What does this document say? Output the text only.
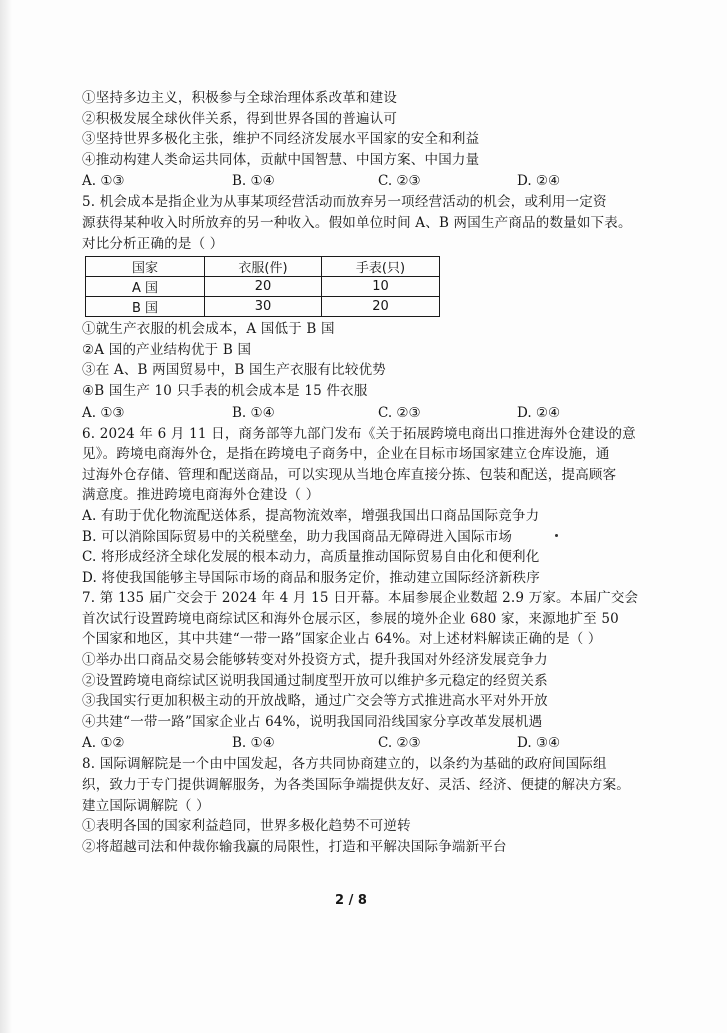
①坚持多边主义，积极参与全球治理体系改革和建设
②积极发展全球伙伴关系，得到世界各国的普遍认可
③坚持世界多极化主张，维护不同经济发展水平国家的安全和利益
④推动构建人类命运共同体，贡献中国智慧、中国方案、中国力量
A. ①③	B. ①④	C. ②③	D. ②④
5. 机会成本是指企业为从事某项经营活动而放弃另一项经营活动的机会，或利用一定资
源获得某种收入时所放弃的另一种收入。假如单位时间 A、B 两国生产商品的数量如下表。
对比分析正确的是（ ）
国家	衣服(件)	手表(只)
A 国	20	10
B 国	30	20
①就生产衣服的机会成本，A 国低于 B 国
②A 国的产业结构优于 B 国
③在 A、B 两国贸易中，B 国生产衣服有比较优势
④B 国生产 10 只手表的机会成本是 15 件衣服
A. ①③	B. ①④	C. ②③	D. ②④
6. 2024 年 6 月 11 日，商务部等九部门发布《关于拓展跨境电商出口推进海外仓建设的意
见》。跨境电商海外仓，是指在跨境电子商务中，企业在目标市场国家建立仓库设施，通
过海外仓存储、管理和配送商品，可以实现从当地仓库直接分拣、包装和配送，提高顾客
满意度。推进跨境电商海外仓建设（ ）
A. 有助于优化物流配送体系，提高物流效率，增强我国出口商品国际竞争力
B. 可以消除国际贸易中的关税壁垒，助力我国商品无障碍进入国际市场
C. 将形成经济全球化发展的根本动力，高质量推动国际贸易自由化和便利化
D. 将使我国能够主导国际市场的商品和服务定价，推动建立国际经济新秩序
7. 第 135 届广交会于 2024 年 4 月 15 日开幕。本届参展企业数超 2.9 万家。本届广交会
首次试行设置跨境电商综试区和海外仓展示区，参展的境外企业 680 家，来源地扩至 50
个国家和地区，其中共建“一带一路”国家企业占 64%。对上述材料解读正确的是（ ）
①举办出口商品交易会能够转变对外投资方式，提升我国对外经济发展竞争力
②设置跨境电商综试区说明我国通过制度型开放可以维护多元稳定的经贸关系
③我国实行更加积极主动的开放战略，通过广交会等方式推进高水平对外开放
④共建“一带一路”国家企业占 64%，说明我国同沿线国家分享改革发展机遇
A. ①②	B. ①④	C. ②③	D. ③④
8. 国际调解院是一个由中国发起，各方共同协商建立的，以条约为基础的政府间国际组
织，致力于专门提供调解服务，为各类国际争端提供友好、灵活、经济、便捷的解决方案。
建立国际调解院（ ）
①表明各国的国家利益趋同，世界多极化趋势不可逆转
②将超越司法和仲裁你输我赢的局限性，打造和平解决国际争端新平台
2 / 8
